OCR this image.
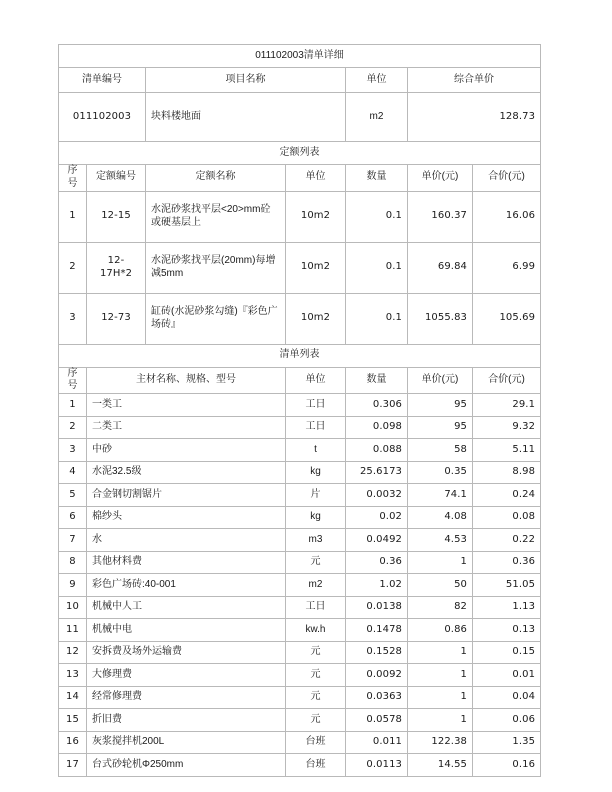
011102003清单详细						
清单编号		项目名称		单位	综合单价	
011102003		块料楼地面		m2	128.73	
定额列表						
序号	定额编号	定额名称	单位	数量	单价(元)	合价(元)
1	12-15	水泥砂浆找平层<20>mm砼或硬基层上	10m2	0.1	160.37	16.06
2	12-17H*2	水泥砂浆找平层(20mm)每增减5mm	10m2	0.1	69.84	6.99
3	12-73	缸砖(水泥砂浆勾缝)『彩色广场砖』	10m2	0.1	1055.83	105.69
清单列表						
序号	主材名称、规格、型号		单位	数量	单价(元)	合价(元)
1	一类工		工日	0.306	95	29.1
2	二类工		工日	0.098	95	9.32
3	中砂		t	0.088	58	5.11
4	水泥32.5级		kg	25.6173	0.35	8.98
5	合金钢切割锯片		片	0.0032	74.1	0.24
6	棉纱头		kg	0.02	4.08	0.08
7	水		m3	0.0492	4.53	0.22
8	其他材料费		元	0.36	1	0.36
9	彩色广场砖:40-001		m2	1.02	50	51.05
10	机械中人工		工日	0.0138	82	1.13
11	机械中电		kw.h	0.1478	0.86	0.13
12	安拆费及场外运输费		元	0.1528	1	0.15
13	大修理费		元	0.0092	1	0.01
14	经常修理费		元	0.0363	1	0.04
15	折旧费		元	0.0578	1	0.06
16	灰浆搅拌机200L		台班	0.011	122.38	1.35
17	台式砂轮机Φ250mm		台班	0.0113	14.55	0.16
